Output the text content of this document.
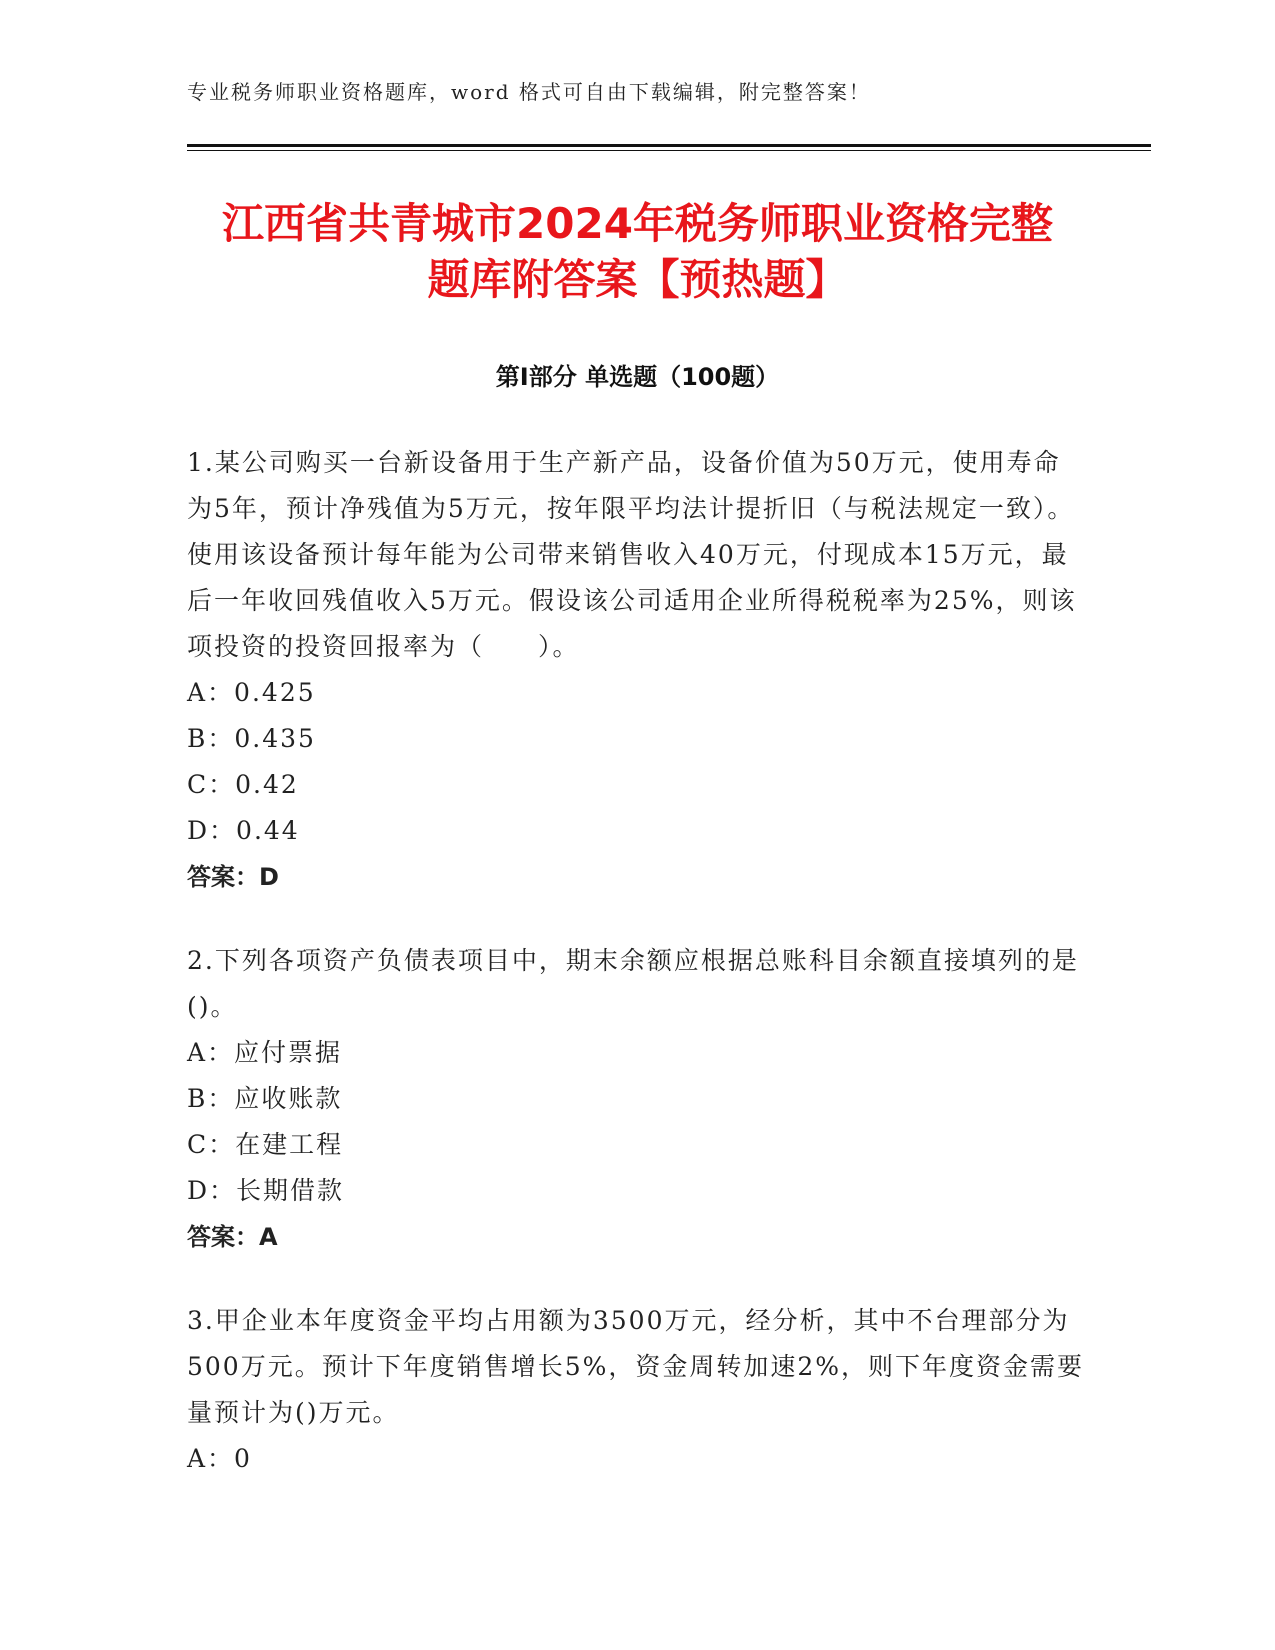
专业税务师职业资格题库，word 格式可自由下载编辑，附完整答案！
江西省共青城市2024年税务师职业资格完整
题库附答案【预热题】
第Ⅰ部分 单选题（100题）

1.某公司购买一台新设备用于生产新产品，设备价值为50万元，使用寿命为5年，预计净残值为5万元，按年限平均法计提折旧（与税法规定一致）。使用该设备预计每年能为公司带来销售收入40万元，付现成本15万元，最后一年收回残值收入5万元。假设该公司适用企业所得税税率为25%，则该项投资的投资回报率为（　　）。

A：0.425

B：0.435

C：0.42

D：0.44

答案：D

2.下列各项资产负债表项目中，期末余额应根据总账科目余额直接填列的是()。

A：应付票据

B：应收账款

C：在建工程

D：长期借款

答案：A

3.甲企业本年度资金平均占用额为3500万元，经分析，其中不台理部分为500万元。预计下年度销售增长5%，资金周转加速2%，则下年度资金需要量预计为()万元。

A：0
